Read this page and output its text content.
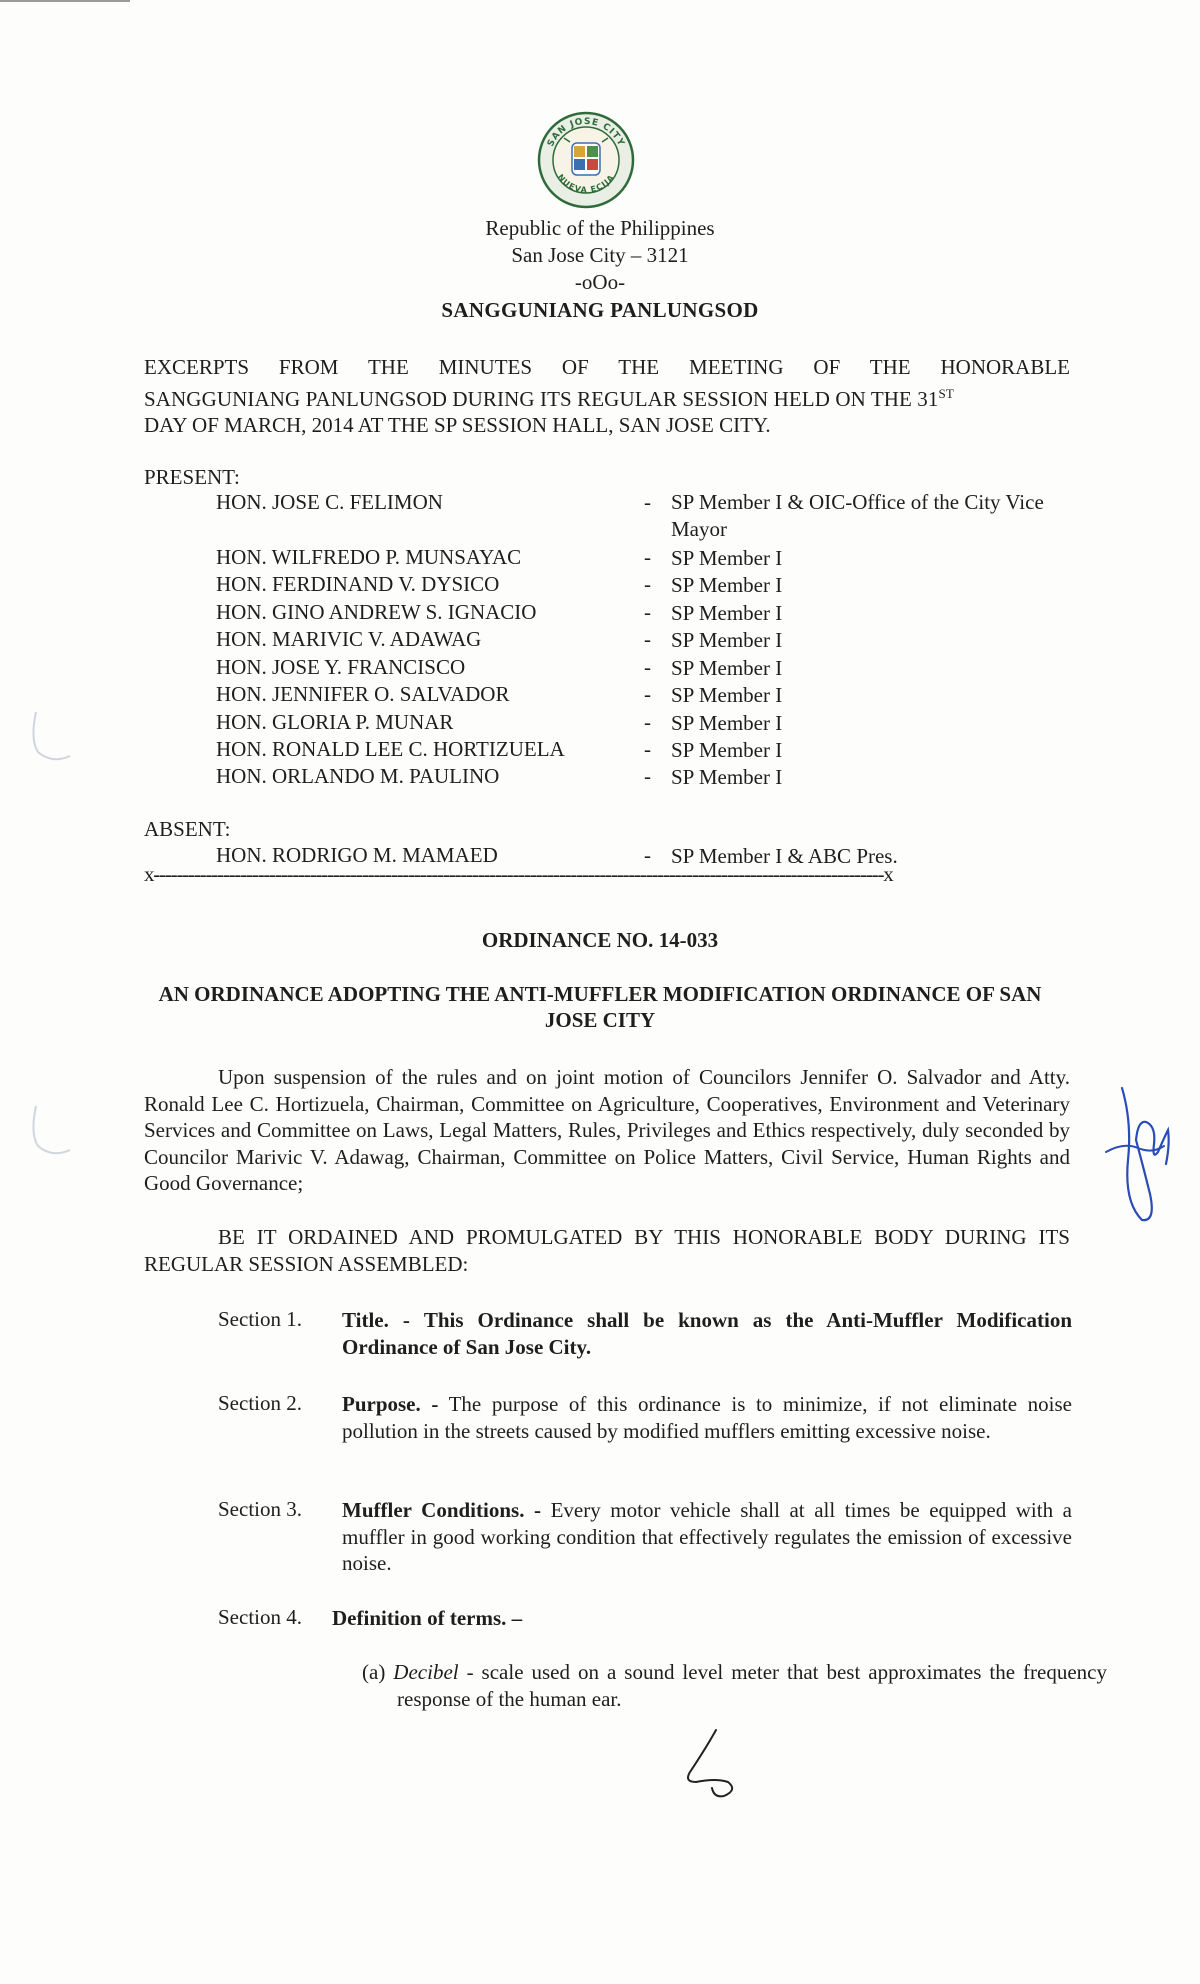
SAN JOSE CITY
NUEVA ECIJA
Republic of the Philippines
San Jose City – 3121
-oOo-
SANGGUNIANG PANLUNGSOD
EXCERPTS FROM THE MINUTES OF THE MEETING OF THE HONORABLE
SANGGUNIANG PANLUNGSOD DURING ITS REGULAR SESSION HELD ON THE 31ST
DAY OF MARCH, 2014 AT THE SP SESSION HALL, SAN JOSE CITY.
PRESENT:
HON. JOSE C. FELIMON	- SP Member I & OIC-Office of the City Vice Mayor
HON. WILFREDO P. MUNSAYAC	- SP Member I
HON. FERDINAND V. DYSICO	- SP Member I
HON. GINO ANDREW S. IGNACIO	- SP Member I
HON. MARIVIC V. ADAWAG	- SP Member I
HON. JOSE Y. FRANCISCO	- SP Member I
HON. JENNIFER O. SALVADOR	- SP Member I
HON. GLORIA P. MUNAR	- SP Member I
HON. RONALD LEE C. HORTIZUELA	- SP Member I
HON. ORLANDO M. PAULINO	- SP Member I
ABSENT:
HON. RODRIGO M. MAMAED	- SP Member I & ABC Pres.
x------------------------------------------------------------------------------------------------------------------------------x
ORDINANCE NO. 14-033
AN ORDINANCE ADOPTING THE ANTI-MUFFLER MODIFICATION ORDINANCE OF SAN JOSE CITY
Upon suspension of the rules and on joint motion of Councilors Jennifer O. Salvador and Atty. Ronald Lee C. Hortizuela, Chairman, Committee on Agriculture, Cooperatives, Environment and Veterinary Services and Committee on Laws, Legal Matters, Rules, Privileges and Ethics respectively, duly seconded by Councilor Marivic V. Adawag, Chairman, Committee on Police Matters, Civil Service, Human Rights and Good Governance;
BE IT ORDAINED AND PROMULGATED BY THIS HONORABLE BODY DURING ITS REGULAR SESSION ASSEMBLED:
Section 1. Title. - This Ordinance shall be known as the Anti-Muffler Modification Ordinance of San Jose City.
Section 2. Purpose. - The purpose of this ordinance is to minimize, if not eliminate noise pollution in the streets caused by modified mufflers emitting excessive noise.
Section 3. Muffler Conditions. - Every motor vehicle shall at all times be equipped with a muffler in good working condition that effectively regulates the emission of excessive noise.
Section 4. Definition of terms. –
(a) Decibel - scale used on a sound level meter that best approximates the frequency response of the human ear.
